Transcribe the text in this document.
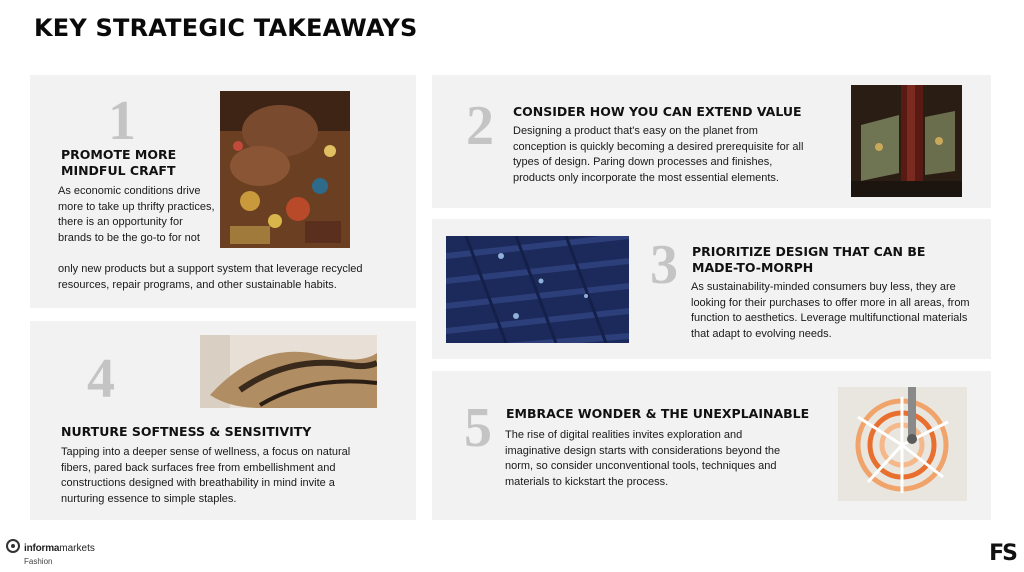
KEY STRATEGIC TAKEAWAYS
1
PROMOTE MORE MINDFUL CRAFT

As economic conditions drive more to take up thrifty practices, there is an opportunity for brands to be the go-to for not

only new products but a support system that leverage recycled resources, repair programs, and other sustainable habits.

2 CONSIDER HOW YOU CAN EXTEND VALUE

Designing a product that's easy on the planet from conception is quickly becoming a desired prerequisite for all types of design. Paring down processes and finishes, products only incorporate the most essential elements.

3 PRIORITIZE DESIGN THAT CAN BE MADE-TO-MORPH

As sustainability-minded consumers buy less, they are looking for their purchases to offer more in all areas, from function to aesthetics. Leverage multifunctional materials that adapt to evolving needs.

4
NURTURE SOFTNESS & SENSITIVITY

Tapping into a deeper sense of wellness, a focus on natural fibers, pared back surfaces free from embellishment and constructions designed with breathability in mind invite a nurturing essence to simple staples.

5 EMBRACE WONDER & THE UNEXPLAINABLE

The rise of digital realities invites exploration and imaginative design starts with considerations beyond the norm, so consider unconventional tools, techniques and materials to kickstart the process.

informamarkets
Fashion	FS
